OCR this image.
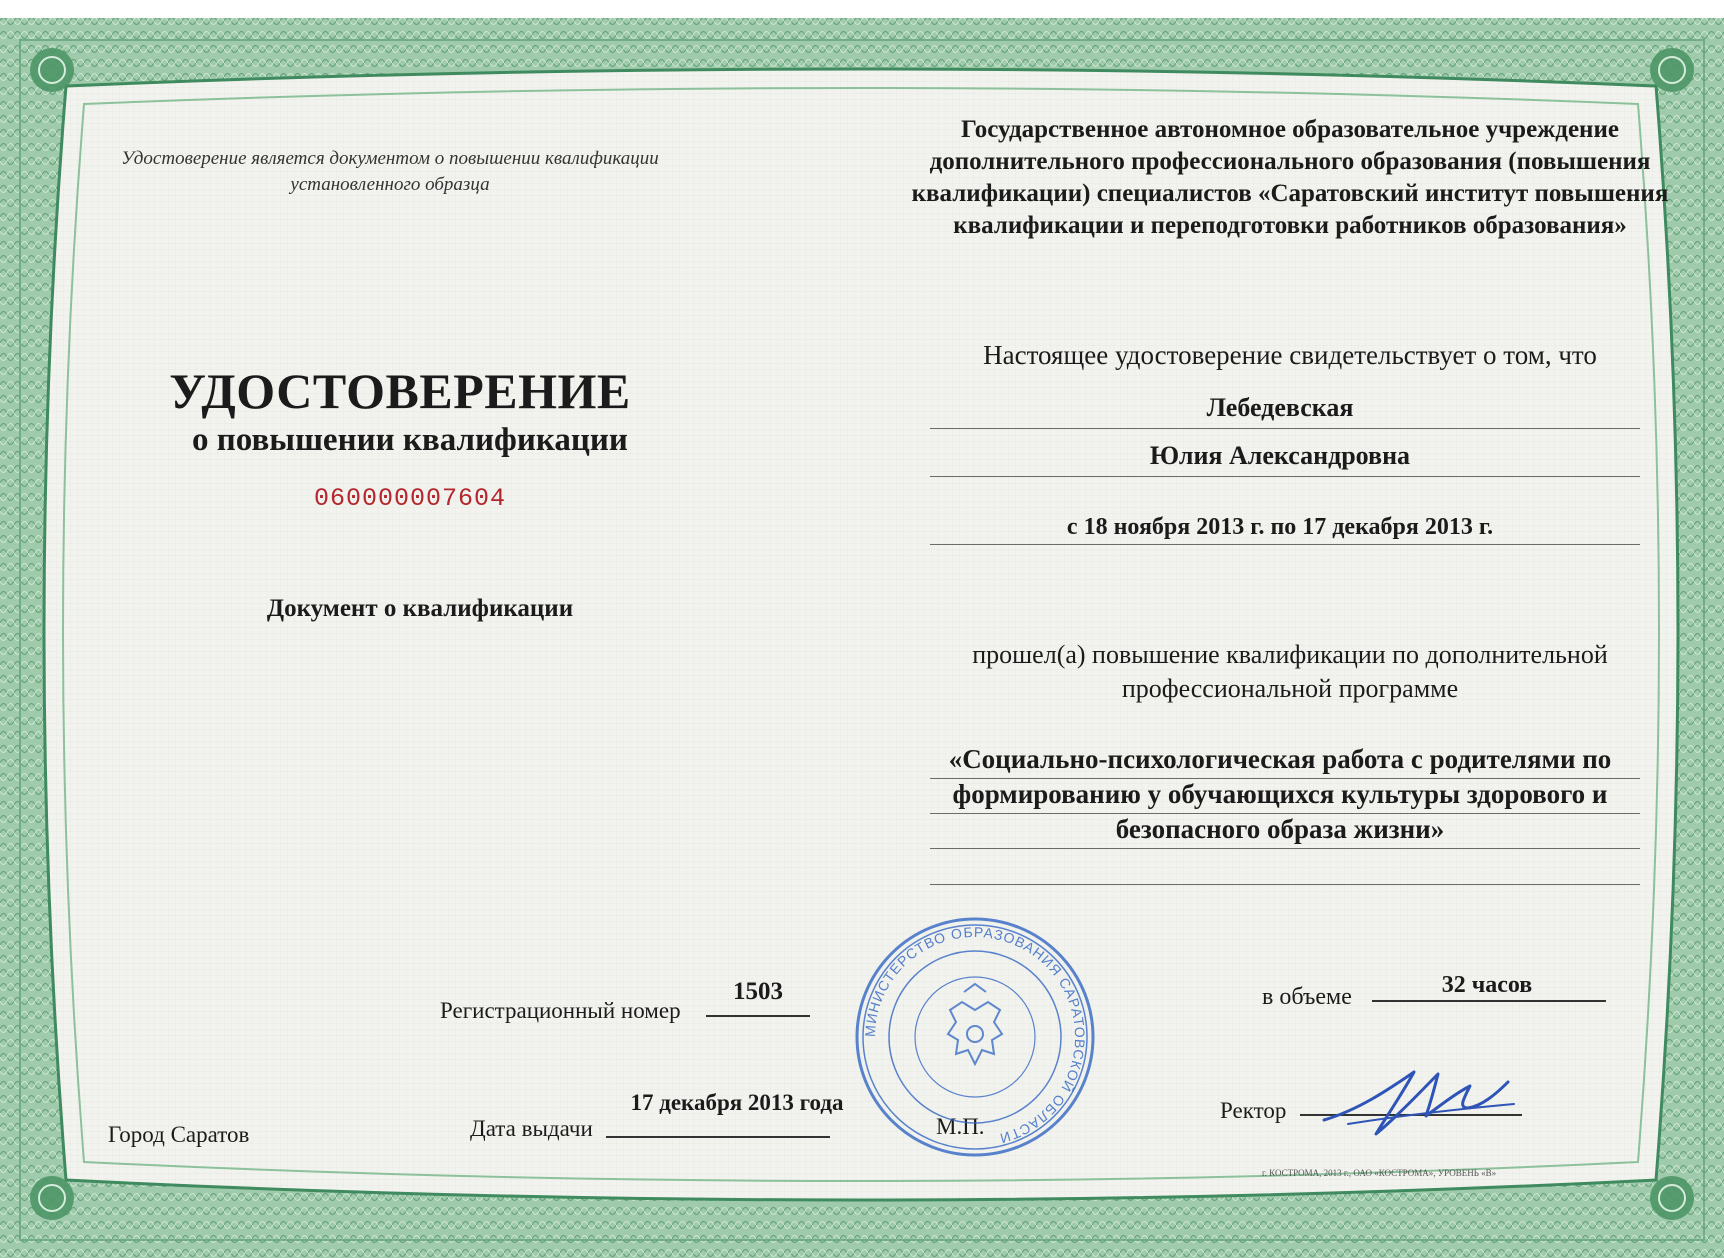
Удостоверение является документом о повышении квалификации установленного образца

УДОСТОВЕРЕНИЕ

о повышении квалификации

060000007604

Документ о квалификации

Регистрационный номер

1503

17 декабря 2013 года

Дата выдачи

Город Саратов	М.П.

Государственное автономное образовательное учреждение дополнительного профессионального образования (повышения квалификации) специалистов «Саратовский институт повышения квалификации и переподготовки работников образования»

Настоящее удостоверение свидетельствует о том, что

Лебедевская

Юлия Александровна

с 18 ноября 2013 г. по 17 декабря 2013 г.

прошел(а) повышение квалификации по дополнительной профессиональной программе

«Социально-психологическая работа с родителями по формированию у обучающихся культуры здорового и безопасного образа жизни»

в объеме	32 часов

Ректор

МИНИСТЕРСТВО ОБРАЗОВАНИЯ САРАТОВСКОЙ ОБЛАСТИ

г. КОСТРОМА, 2013 г., ОАО «КОСТРОМА», УРОВЕНЬ «В»
